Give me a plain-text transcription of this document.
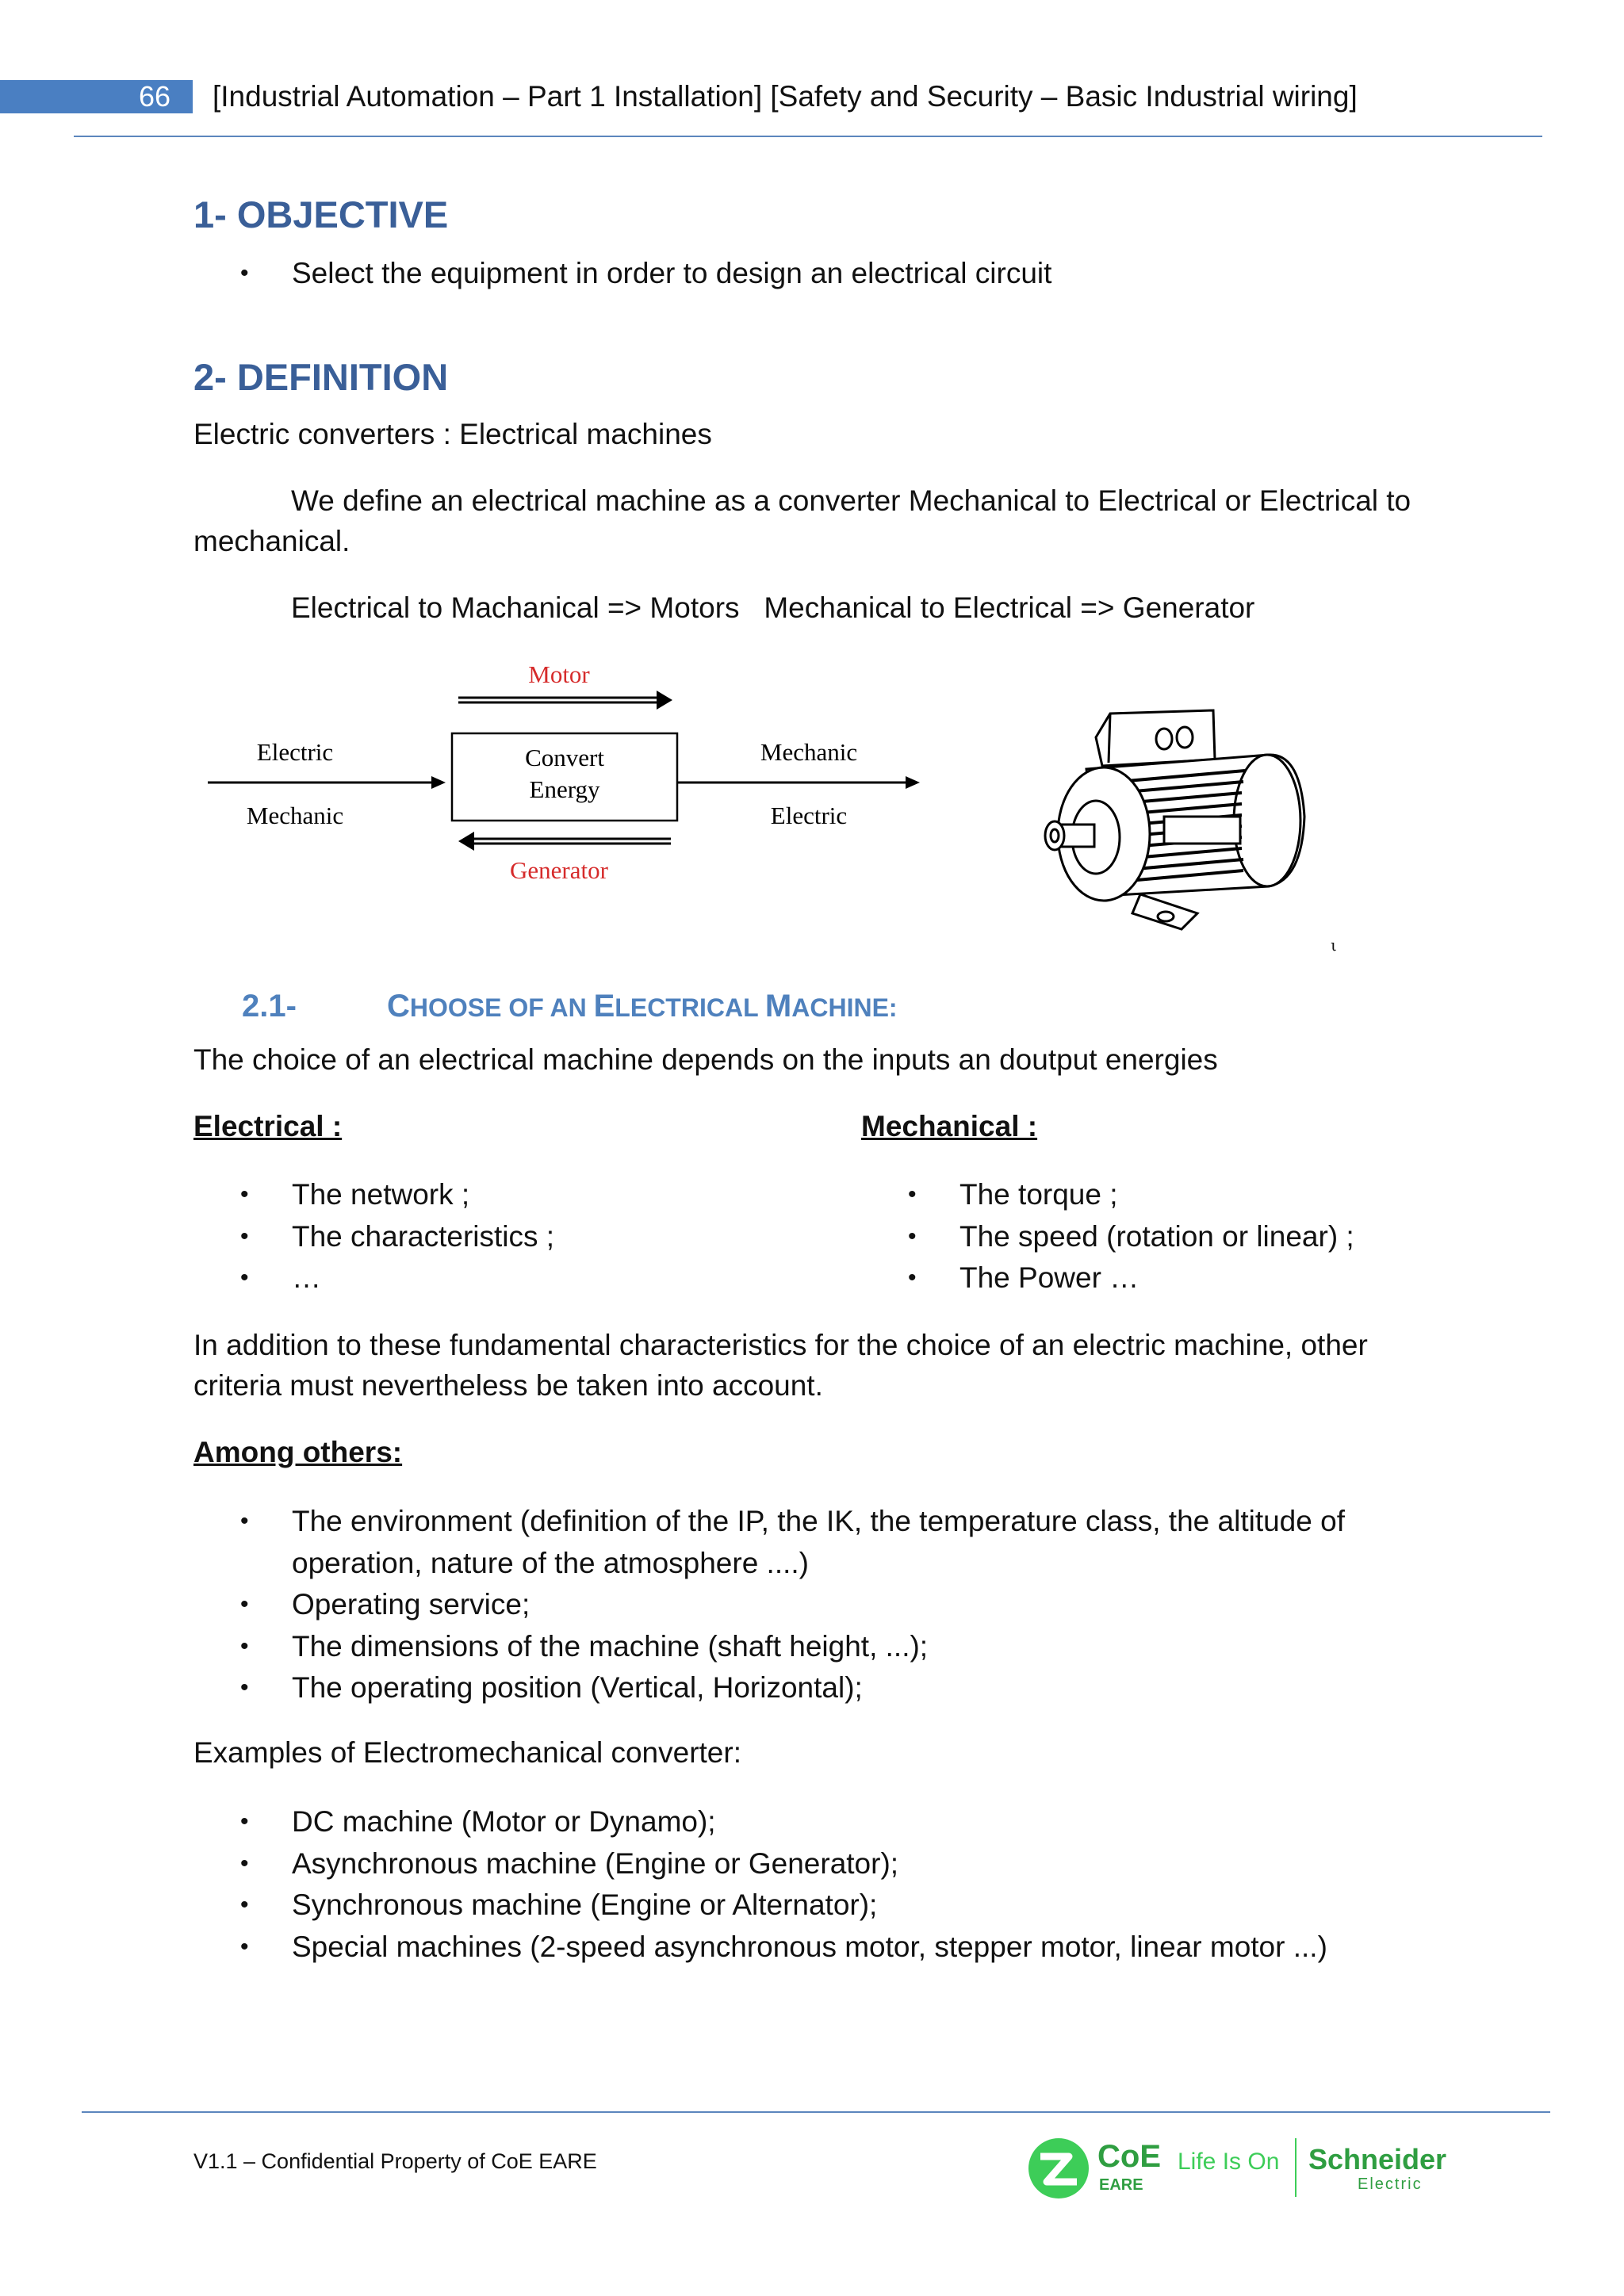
66	[Industrial Automation – Part 1 Installation] [Safety and Security – Basic Industrial wiring]
1- OBJECTIVE
• Select the equipment in order to design an electrical circuit
2- DEFINITION
Electric converters : Electrical machines
We define an electrical machine as a converter Mechanical to Electrical or Electrical to mechanical.
Electrical to Machanical => Motors   Mechanical to Electrical => Generator
Motor
Electric
Mechanic
Convert
Energy
Mechanic
Electric
Generator
ι
2.1-	CHOOSE OF AN ELECTRICAL MACHINE:
The choice of an electrical machine depends on the inputs an doutput energies
Electrical :	Mechanical :
• The network ;
• The characteristics ;
• …
• The torque ;
• The speed (rotation or linear) ;
• The Power …
In addition to these fundamental characteristics for the choice of an electric machine, other criteria must nevertheless be taken into account.
Among others:
• The environment (definition of the IP, the IK, the temperature class, the altitude of operation, nature of the atmosphere ....)
• Operating service;
• The dimensions of the machine (shaft height, ...);
• The operating position (Vertical, Horizontal);
Examples of Electromechanical converter:
• DC machine (Motor or Dynamo);
• Asynchronous machine (Engine or Generator);
• Synchronous machine (Engine or Alternator);
• Special machines (2-speed asynchronous motor, stepper motor, linear motor ...)
V1.1 – Confidential Property of CoE EARE	CoE
EARE
Life Is On Schneider
Electric
